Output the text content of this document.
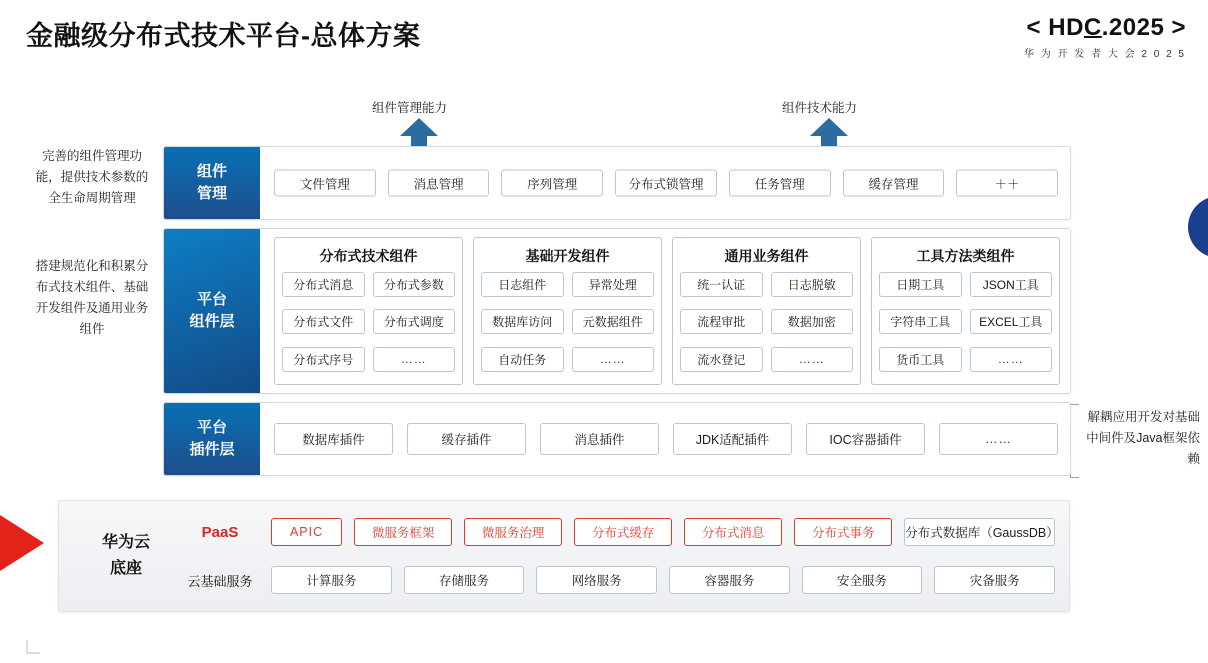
金融级分布式技术平台-总体方案	< HDC.2025 >
华 为 开 发 者 大 会 2 0 2 5
组件管理能力	组件技术能力
完善的组件管理功能，提供技术参数的全生命周期管理
搭建规范化和积累分布式技术组件、基础开发组件及通用业务组件
解耦应用开发对基础中间件及Java框架依赖
组件
管理
文件管理	消息管理	序列管理	分布式锁管理	任务管理	缓存管理	＋＋
平台
组件层
分布式技术组件
分布式消息	分布式参数
分布式文件	分布式调度
分布式序号	……
基础开发组件
日志组件	异常处理
数据库访问	元数据组件
自动任务	……
通用业务组件
统一认证	日志脱敏
流程审批	数据加密
流水登记	……
工具方法类组件
日期工具	JSON工具
字符串工具	EXCEL工具
货币工具	……
平台
插件层
数据库插件	缓存插件	消息插件	JDK适配插件	IOC容器插件	……
华为云
底座
PaaS	APIC	微服务框架	微服务治理	分布式缓存	分布式消息	分布式事务	分布式数据库（GaussDB）
云基础服务	计算服务	存储服务	网络服务	容器服务	安全服务	灾备服务
